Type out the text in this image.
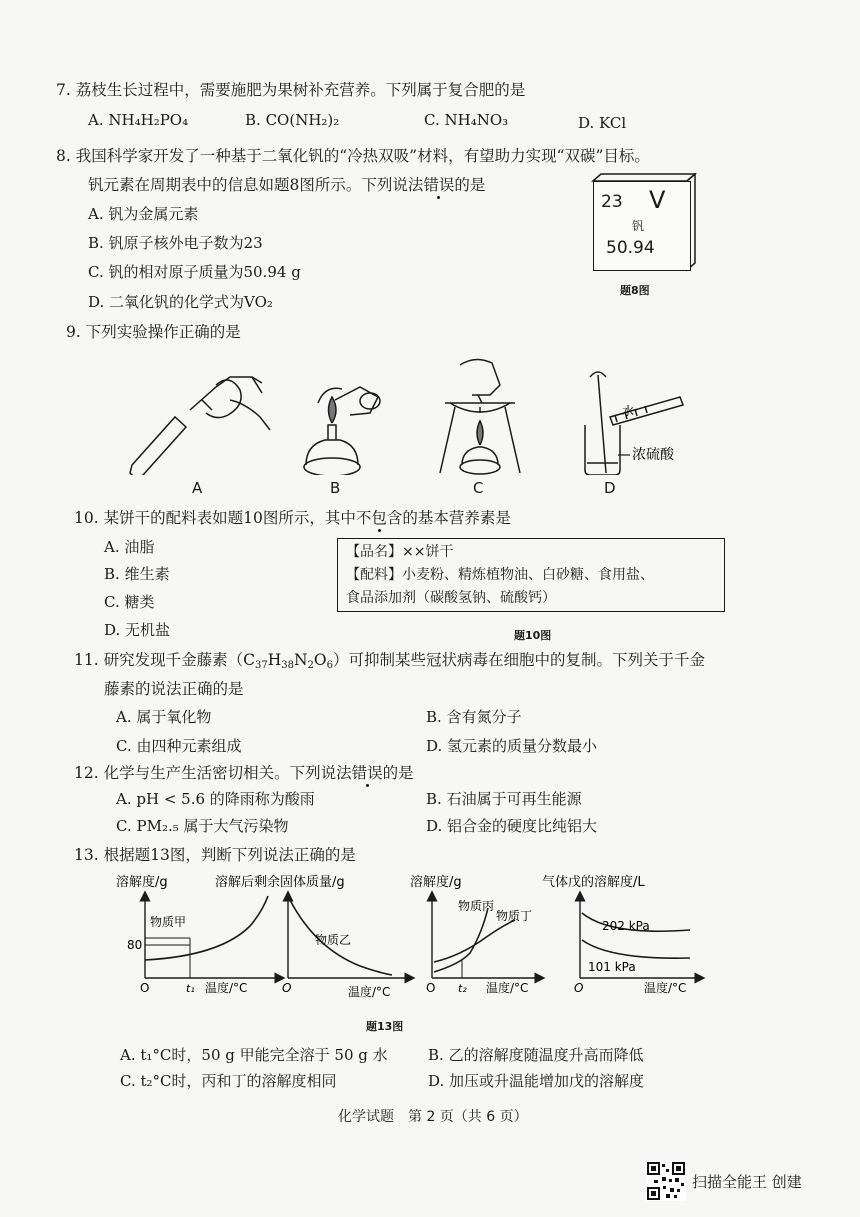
7. 荔枝生长过程中，需要施肥为果树补充营养。下列属于复合肥的是
A. NH₄H₂PO₄	B. CO(NH₂)₂	C. NH₄NO₃	D. KCl
8. 我国科学家开发了一种基于二氧化钒的“冷热双吸”材料，有望助力实现“双碳”目标。
钒元素在周期表中的信息如题8图所示。下列说法错误的是
A. 钒为金属元素
B. 钒原子核外电子数为23
C. 钒的相对原子质量为50.94 g
D. 二氧化钒的化学式为VO₂
23 V
钒
50.94
题8图
9. 下列实验操作正确的是
水
浓硫酸
A	B	C	D
10. 某饼干的配料表如题10图所示，其中不包含的基本营养素是
A. 油脂
B. 维生素
C. 糖类
D. 无机盐
【品名】××饼干
【配料】小麦粉、精炼植物油、白砂糖、食用盐、
食品添加剂（碳酸氢钠、硫酸钙）
题10图
11. 研究发现千金藤素$(C_{37}H_{38}N_2O_6)$可抑制某些冠状病毒在细胞中的复制。下列关于千金
藤素的说法正确的是
A. 属于氧化物	B. 含有氮分子
C. 由四种元素组成	D. 氢元素的质量分数最小
12. 化学与生产生活密切相关。下列说法错误的是
A. pH < 5.6 的降雨称为酸雨	B. 石油属于可再生能源
C. PM₂.₅ 属于大气污染物	D. 铝合金的硬度比纯铝大
13. 根据题13图，判断下列说法正确的是
溶解度/g
物质甲
80
O	t₁ 温度/°C
溶解后剩余固体质量/g
物质乙
O	温度/°C
溶解度/g
物质丙
物质丁
O t₂ 温度/°C
气体戊的溶解度/L
202 kPa
101 kPa
O	温度/°C
题13图
A. t₁°C时，50 g 甲能完全溶于 50 g 水	B. 乙的溶解度随温度升高而降低
C. t₂°C时，丙和丁的溶解度相同	D. 加压或升温能增加戊的溶解度
化学试题　第 2 页（共 6 页）
扫描全能王 创建
